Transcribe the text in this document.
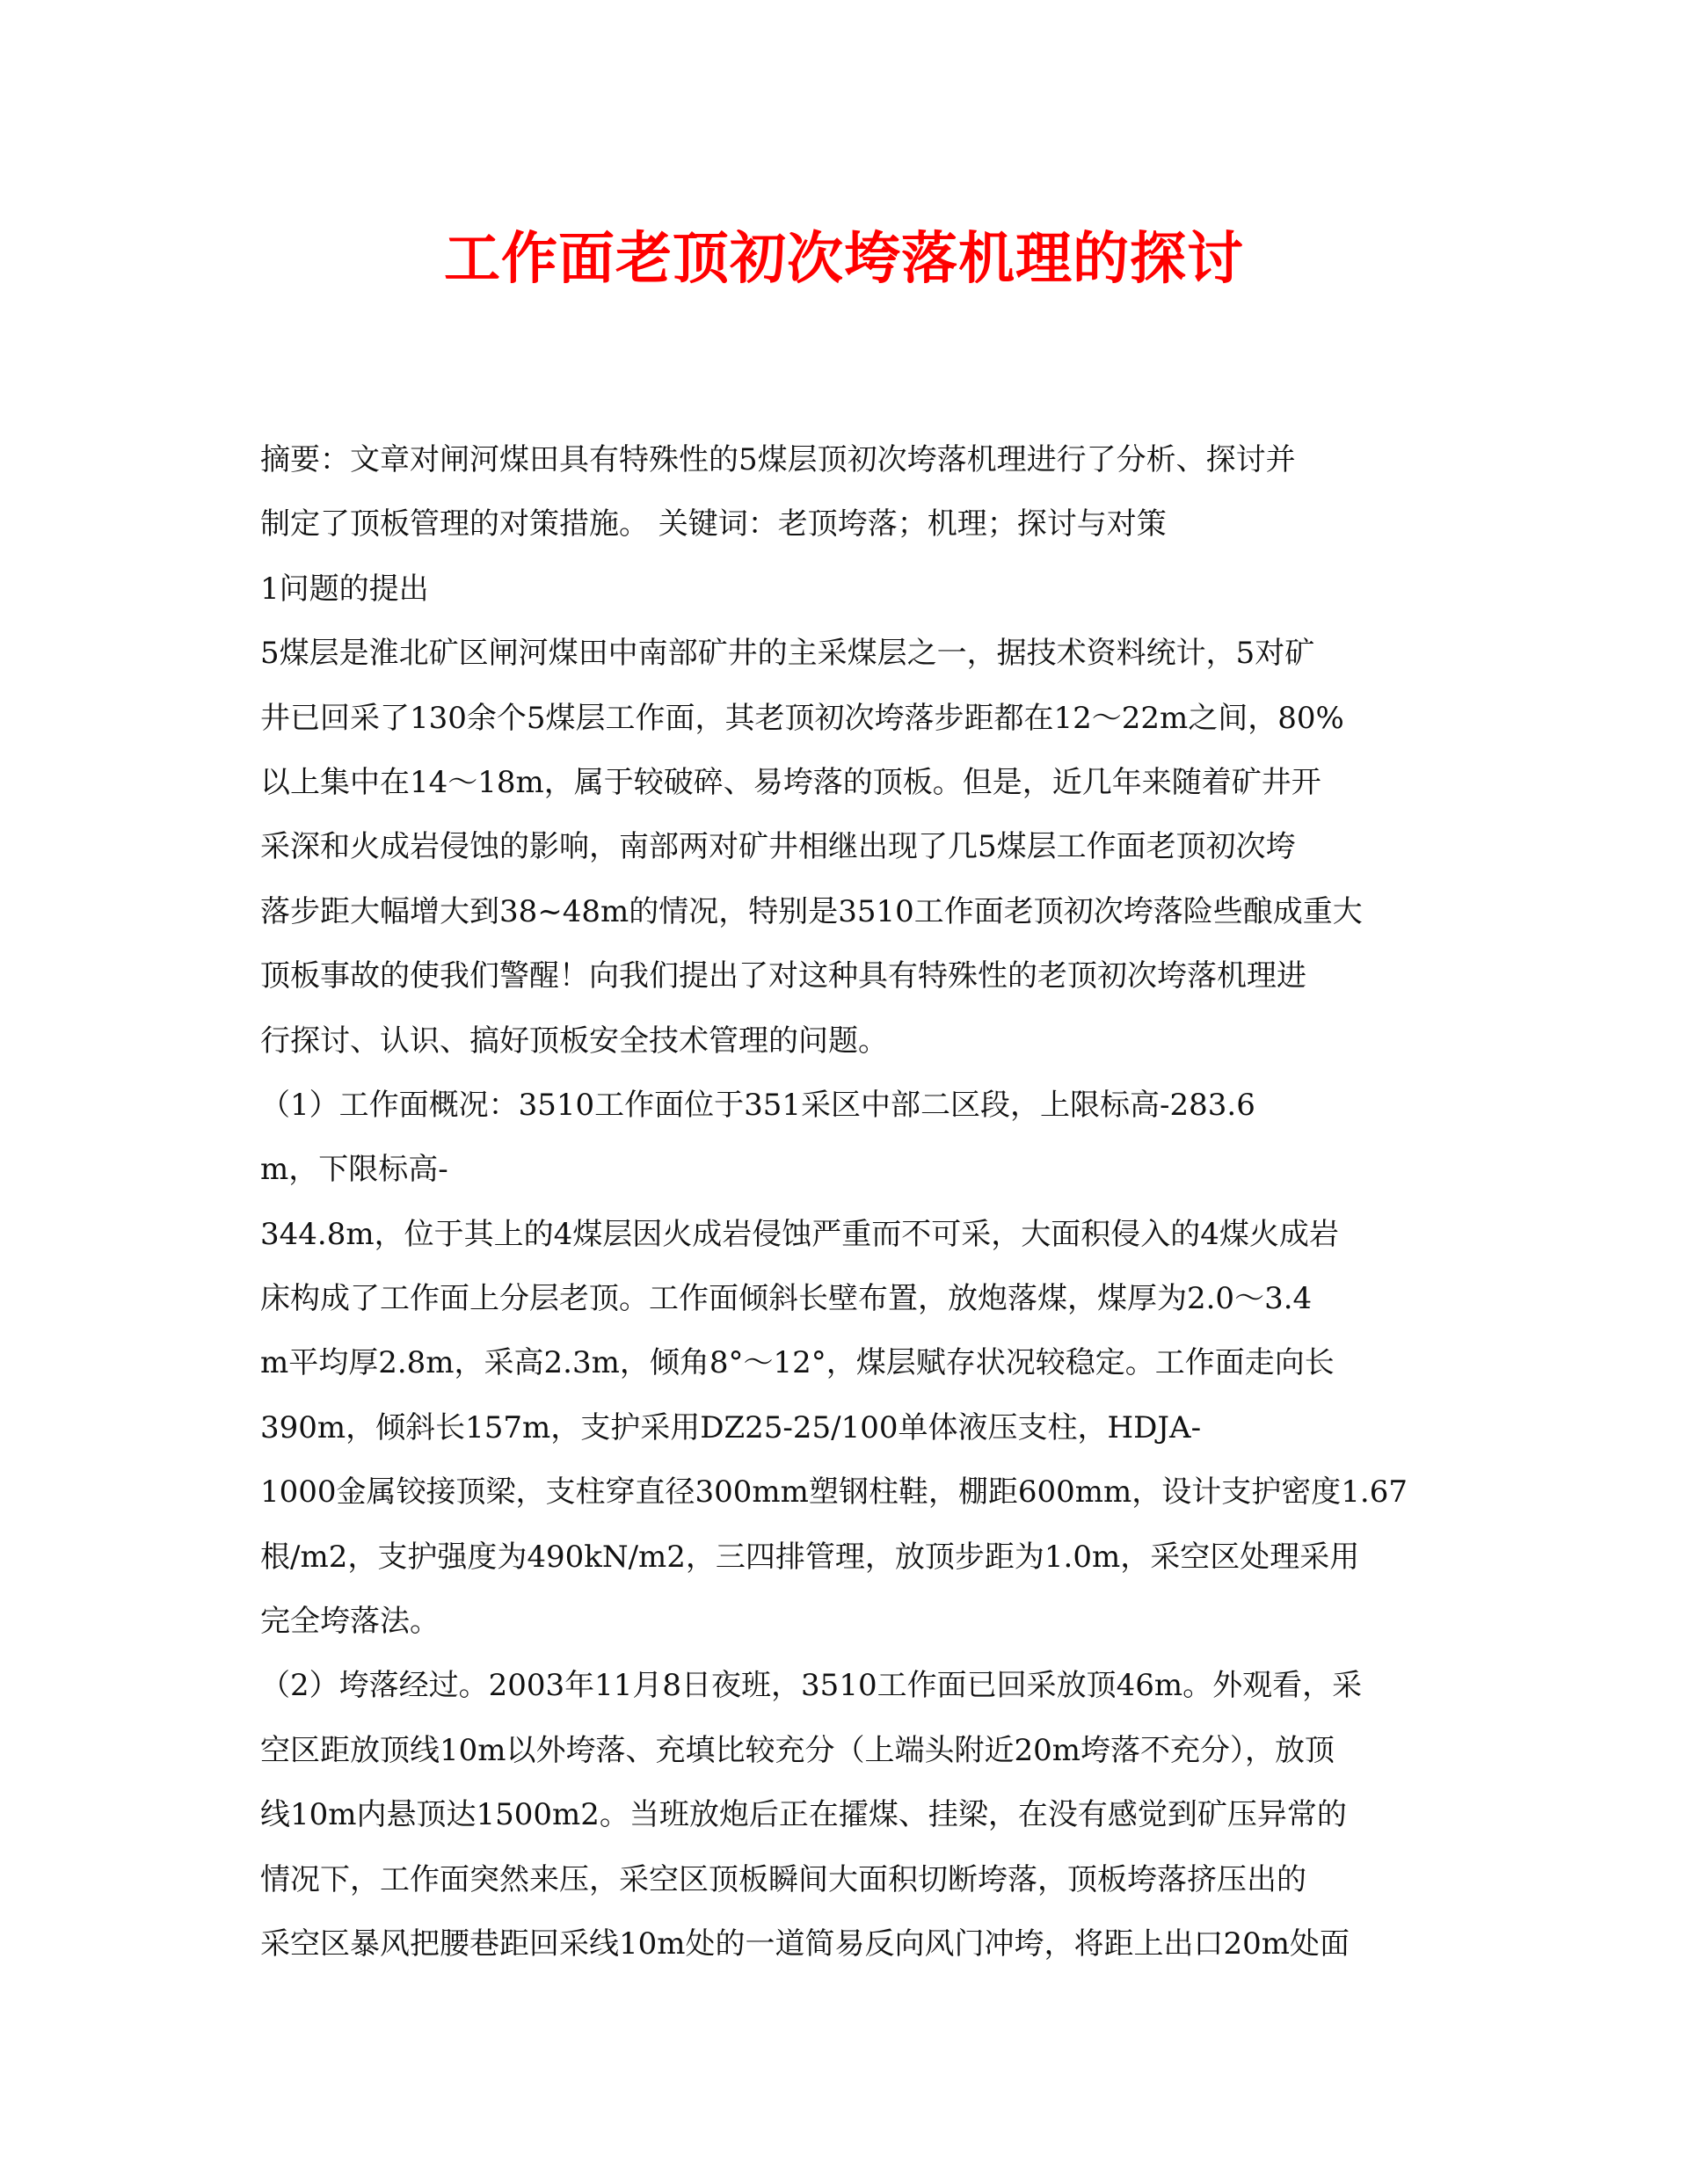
工作面老顶初次垮落机理的探讨
摘要：文章对闸河煤田具有特殊性的5煤层顶初次垮落机理进行了分析、探讨并
制定了顶板管理的对策措施。 关键词：老顶垮落；机理；探讨与对策
1问题的提出
5煤层是淮北矿区闸河煤田中南部矿井的主采煤层之一，据技术资料统计，5对矿
井已回采了130余个5煤层工作面，其老顶初次垮落步距都在12～22m之间，80%
以上集中在14～18m，属于较破碎、易垮落的顶板。但是，近几年来随着矿井开
采深和火成岩侵蚀的影响，南部两对矿井相继出现了几5煤层工作面老顶初次垮
落步距大幅增大到38~48m的情况，特别是3510工作面老顶初次垮落险些酿成重大
顶板事故的使我们警醒！向我们提出了对这种具有特殊性的老顶初次垮落机理进
行探讨、认识、搞好顶板安全技术管理的问题。
（1）工作面概况：3510工作面位于351采区中部二区段，上限标高-283.6
m，下限标高-
344.8m，位于其上的4煤层因火成岩侵蚀严重而不可采，大面积侵入的4煤火成岩
床构成了工作面上分层老顶。工作面倾斜长壁布置，放炮落煤，煤厚为2.0～3.4
m平均厚2.8m，采高2.3m，倾角8°～12°，煤层赋存状况较稳定。工作面走向长
390m，倾斜长157m，支护采用DZ25-25/100单体液压支柱，HDJA-
1000金属铰接顶梁，支柱穿直径300mm塑钢柱鞋，棚距600mm，设计支护密度1.67
根/m2，支护强度为490kN/m2，三四排管理，放顶步距为1.0m，采空区处理采用
完全垮落法。
（2）垮落经过。2003年11月8日夜班，3510工作面已回采放顶46m。外观看，采
空区距放顶线10m以外垮落、充填比较充分（上端头附近20m垮落不充分），放顶
线10m内悬顶达1500m2。当班放炮后正在攉煤、挂梁，在没有感觉到矿压异常的
情况下，工作面突然来压，采空区顶板瞬间大面积切断垮落，顶板垮落挤压出的
采空区暴风把腰巷距回采线10m处的一道简易反向风门冲垮，将距上出口20m处面
